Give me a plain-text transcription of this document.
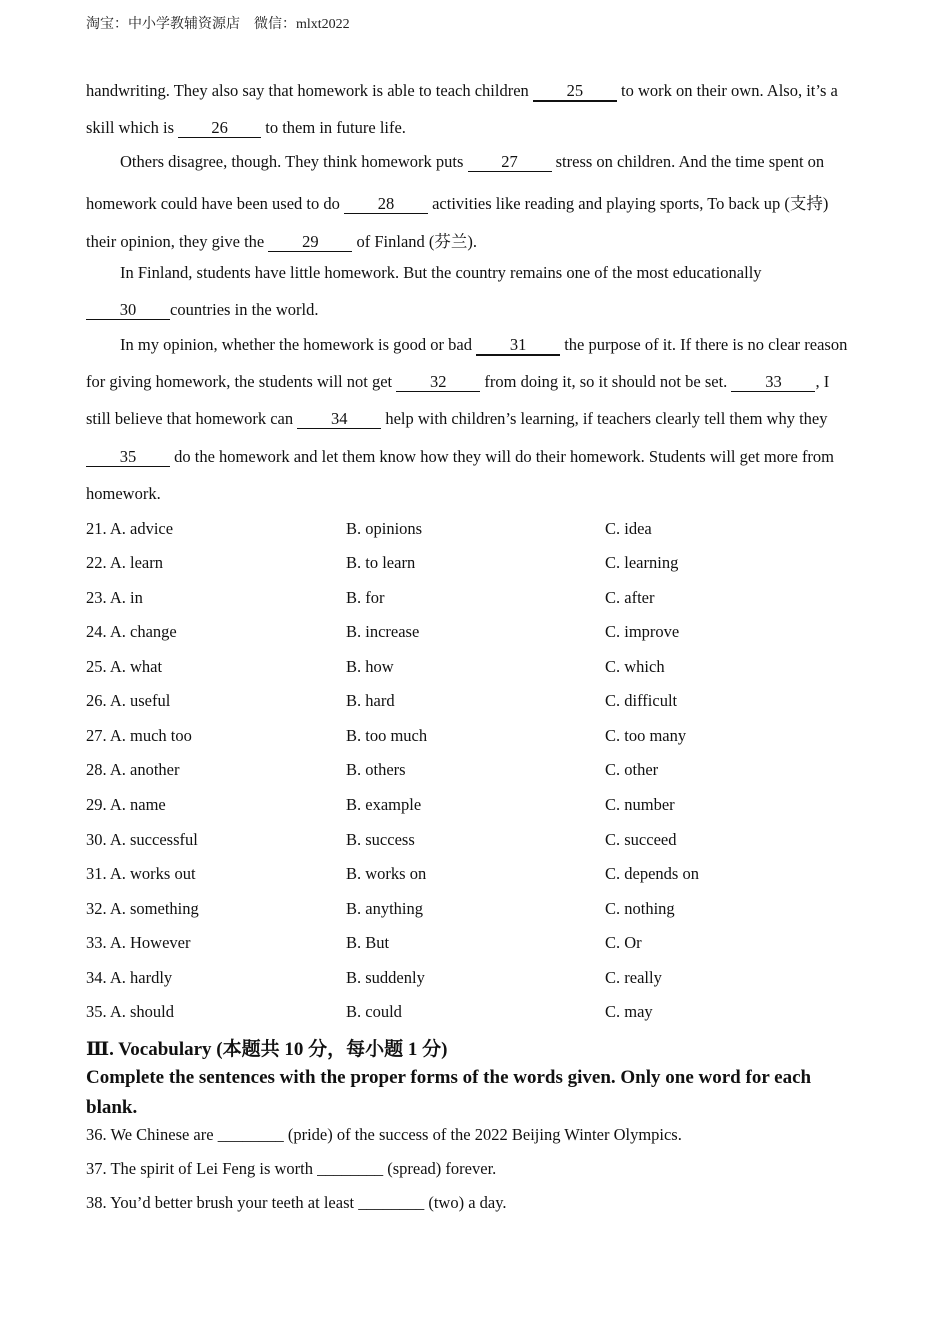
淘宝：中小学教辅资源店　微信：mlxt2022
handwriting. They also say that homework is able to teach children 25 to work on their own. Also, it’s a
skill which is 26 to them in future life.
Others disagree, though. They think homework puts 27 stress on children. And the time spent on
homework could have been used to do 28 activities like reading and playing sports, To back up (支持)
their opinion, they give the 29 of Finland (芬兰).
In Finland, students have little homework. But the country remains one of the most educationally
30 countries in the world.
In my opinion, whether the homework is good or bad 31 the purpose of it. If there is no clear reason
for giving homework, the students will not get 32 from doing it, so it should not be set. 33 , I
still believe that homework can 34 help with children’s learning, if teachers clearly tell them why they
35 do the homework and let them know how they will do their homework. Students will get more from
homework.
21. A. advice	B. opinions	C. idea
22. A. learn	B. to learn	C. learning
23. A. in	B. for	C. after
24. A. change	B. increase	C. improve
25. A. what	B. how	C. which
26. A. useful	B. hard	C. difficult
27. A. much too	B. too much	C. too many
28. A. another	B. others	C. other
29. A. name	B. example	C. number
30. A. successful	B. success	C. succeed
31. A. works out	B. works on	C. depends on
32. A. something	B. anything	C. nothing
33. A. However	B. But	C. Or
34. A. hardly	B. suddenly	C. really
35. A. should	B. could	C. may
Ⅲ. Vocabulary (本题共 10 分，每小题 1 分)
Complete the sentences with the proper forms of the words given. Only one word for each blank.
36. We Chinese are ________ (pride) of the success of the 2022 Beijing Winter Olympics.
37. The spirit of Lei Feng is worth ________ (spread) forever.
38. You’d better brush your teeth at least ________ (two) a day.
